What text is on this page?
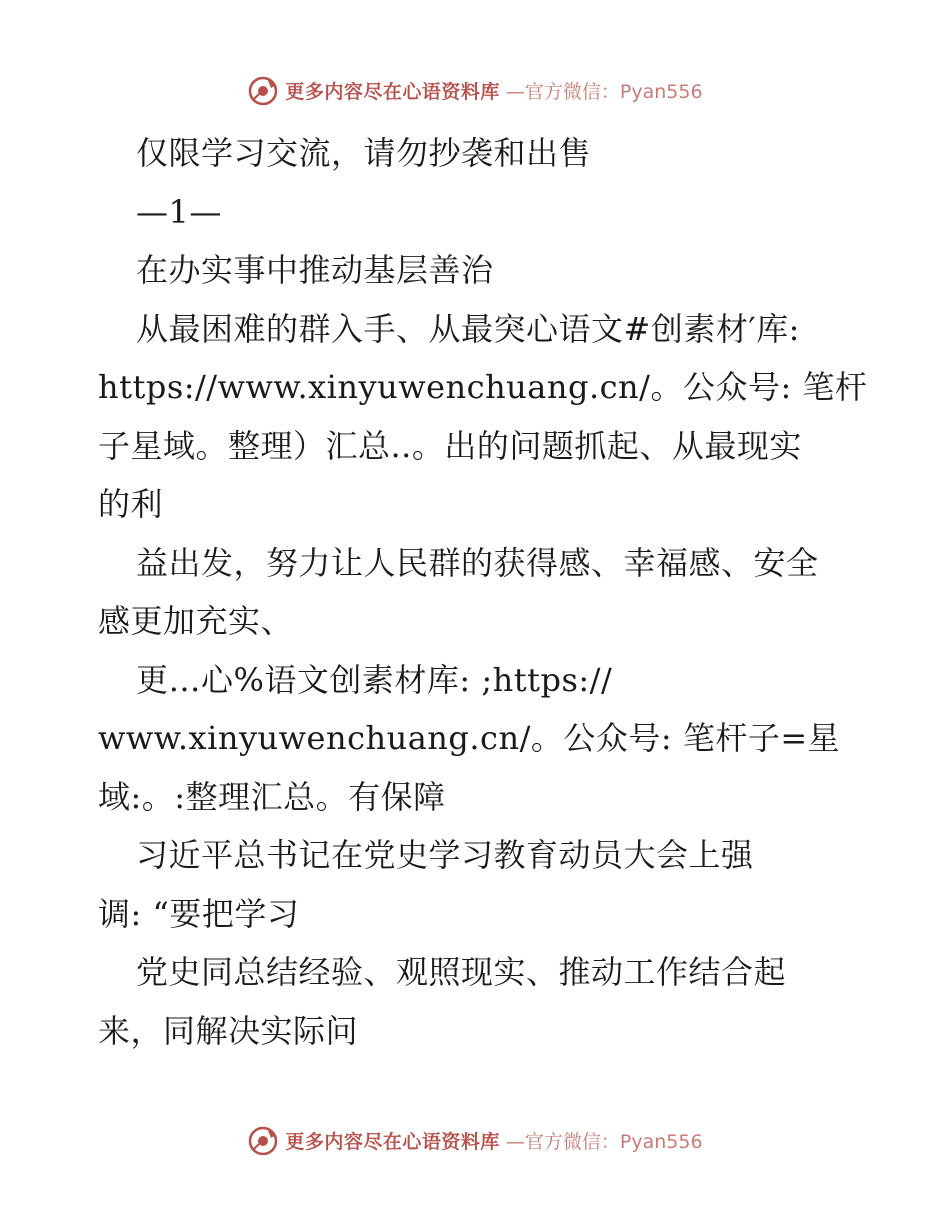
更多内容尽在心语资料库 —官方微信：Pyan556
仅限学习交流，请勿抄袭和出售
—1—
在办实事中推动基层善治
从最困难的群入手、从最突心语文#创素材′库:
https://www.xinyuwenchuang.cn/。公众号: 笔杆
子星域。整理）汇总..。出的问题抓起、从最现实
的利
益出发，努力让人民群的获得感、幸福感、安全
感更加充实、
更…心%语文创素材库: ;https://
www.xinyuwenchuang.cn/。公众号: 笔杆子=星
域:。:整理汇总。有保障
习近平总书记在党史学习教育动员大会上强
调: “要把学习
党史同总结经验、观照现实、推动工作结合起
来，同解决实际问
更多内容尽在心语资料库 —官方微信：Pyan556
